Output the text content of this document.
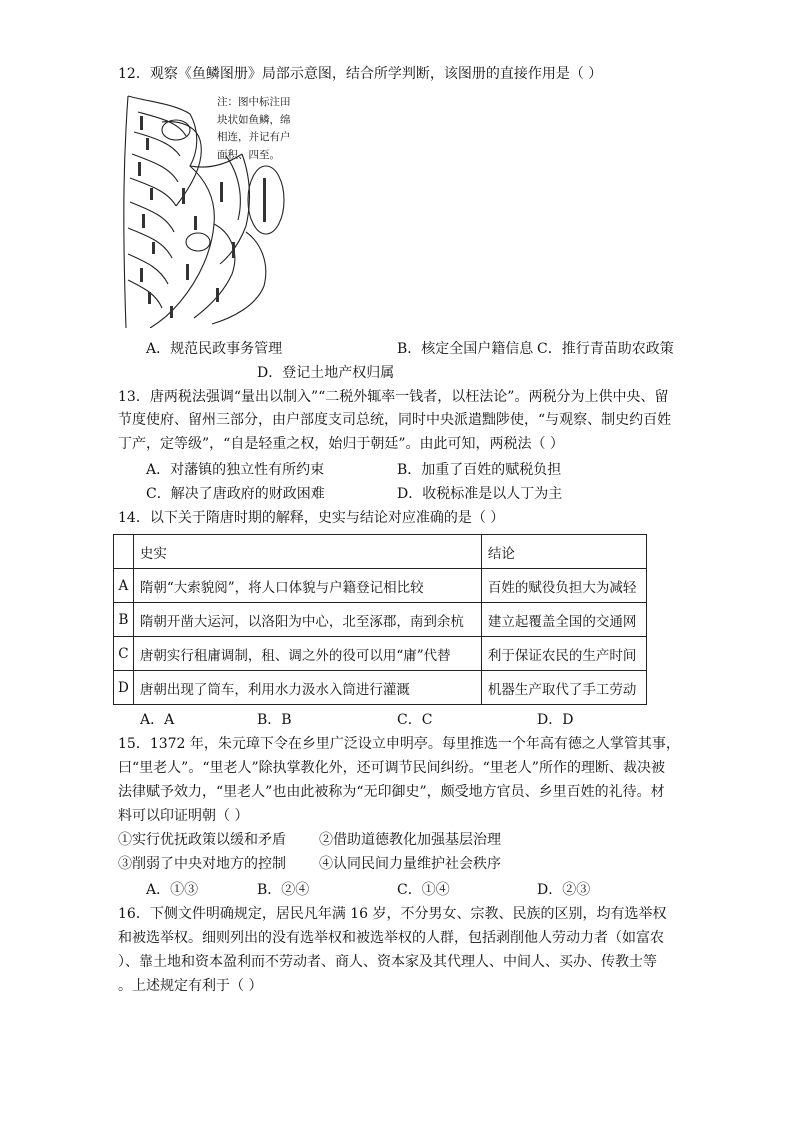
12．观察《鱼鳞图册》局部示意图，结合所学判断，该图册的直接作用是（ ）
注：图中标注田
块状如鱼鳞，绵
相连，并记有户
面积、四至。
A．规范民政事务管理	B．核定全国户籍信息 C．推行青苗助农政策
D．登记土地产权归属
13．唐两税法强调“量出以制入”“二税外辄率一钱者，以枉法论”。两税分为上供中央、留
节度使府、留州三部分，由户部度支司总统，同时中央派遣黜陟使，“与观察、制史约百姓
丁产，定等级”，“自是轻重之权，始归于朝廷”。由此可知，两税法（ ）
A．对藩镇的独立性有所约束	B．加重了百姓的赋税负担
C．解决了唐政府的财政困难	D．收税标准是以人丁为主
14．以下关于隋唐时期的解释，史实与结论对应准确的是（ ）
	史实	结论
A	隋朝“大索貌阅”，将人口体貌与户籍登记相比较	百姓的赋役负担大为减轻
B	隋朝开凿大运河，以洛阳为中心，北至涿郡，南到余杭	建立起覆盖全国的交通网
C	唐朝实行租庸调制，租、调之外的役可以用“庸”代替	利于保证农民的生产时间
D	唐朝出现了筒车，利用水力汲水入筒进行灌溉	机器生产取代了手工劳动
A．A	B．B	C．C	D．D
15．1372 年，朱元璋下令在乡里广泛设立申明亭。每里推选一个年高有德之人掌管其事，
曰“里老人”。“里老人”除执掌教化外，还可调节民间纠纷。“里老人”所作的理断、裁决被
法律赋予效力，“里老人”也由此被称为“无印御史”，颇受地方官员、乡里百姓的礼待。材
料可以印证明朝（ ）
①实行优抚政策以缓和矛盾 ②借助道德教化加强基层治理
③削弱了中央对地方的控制 ④认同民间力量维护社会秩序
A．①③	B．②④	C．①④	D．②③
16．下侧文件明确规定，居民凡年满 16 岁，不分男女、宗教、民族的区别，均有选举权
和被选举权。细则列出的没有选举权和被选举权的人群，包括剥削他人劳动力者（如富农
）、靠土地和资本盈利而不劳动者、商人、资本家及其代理人、中间人、买办、传教士等
。上述规定有利于（ ）
